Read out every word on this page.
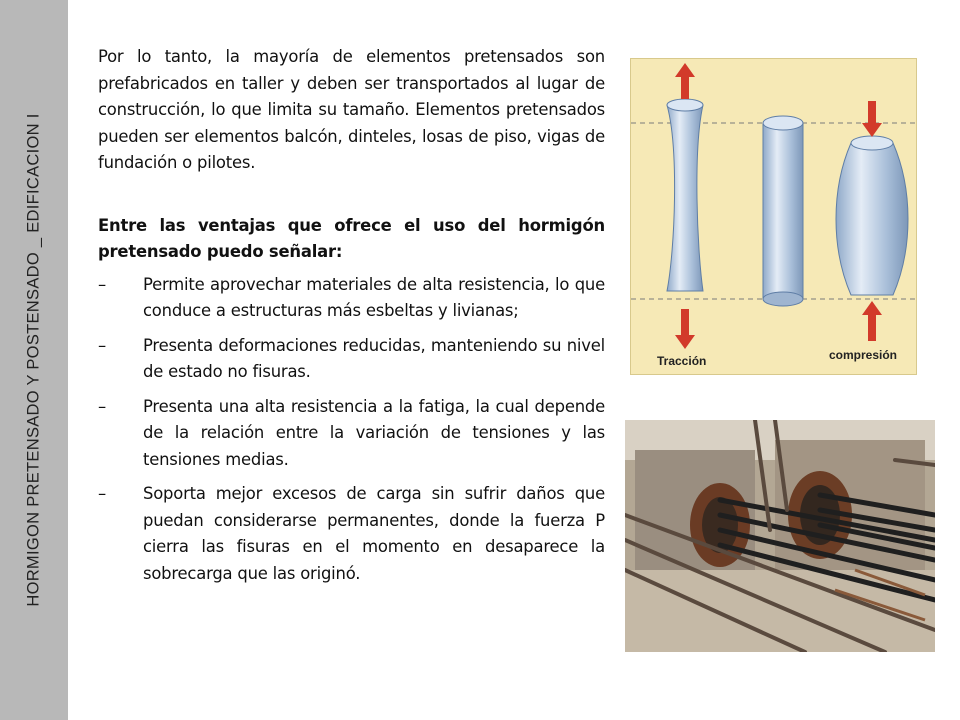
HORMIGON PRETENSADO Y POSTENSADO _ EDIFICACION I

Por lo tanto, la mayoría de elementos pretensados son prefabricados en taller y deben ser transportados al lugar de construcción, lo que limita su tamaño. Elementos pretensados pueden ser elementos balcón, dinteles, losas de piso, vigas de fundación o pilotes.

Entre las ventajas que ofrece el uso del hormigón pretensado puedo señalar:

– Permite aprovechar materiales de alta resistencia, lo que conduce a estructuras más esbeltas y livianas;
– Presenta deformaciones reducidas, manteniendo su nivel de estado no fisuras.
– Presenta una alta resistencia a la fatiga, la cual depende de la relación entre la variación de tensiones y las tensiones medias.
– Soporta mejor excesos de carga sin sufrir daños que puedan considerarse permanentes, donde la fuerza P cierra las fisuras en el momento en desaparece la sobrecarga que las originó.
Tracción	compresión
